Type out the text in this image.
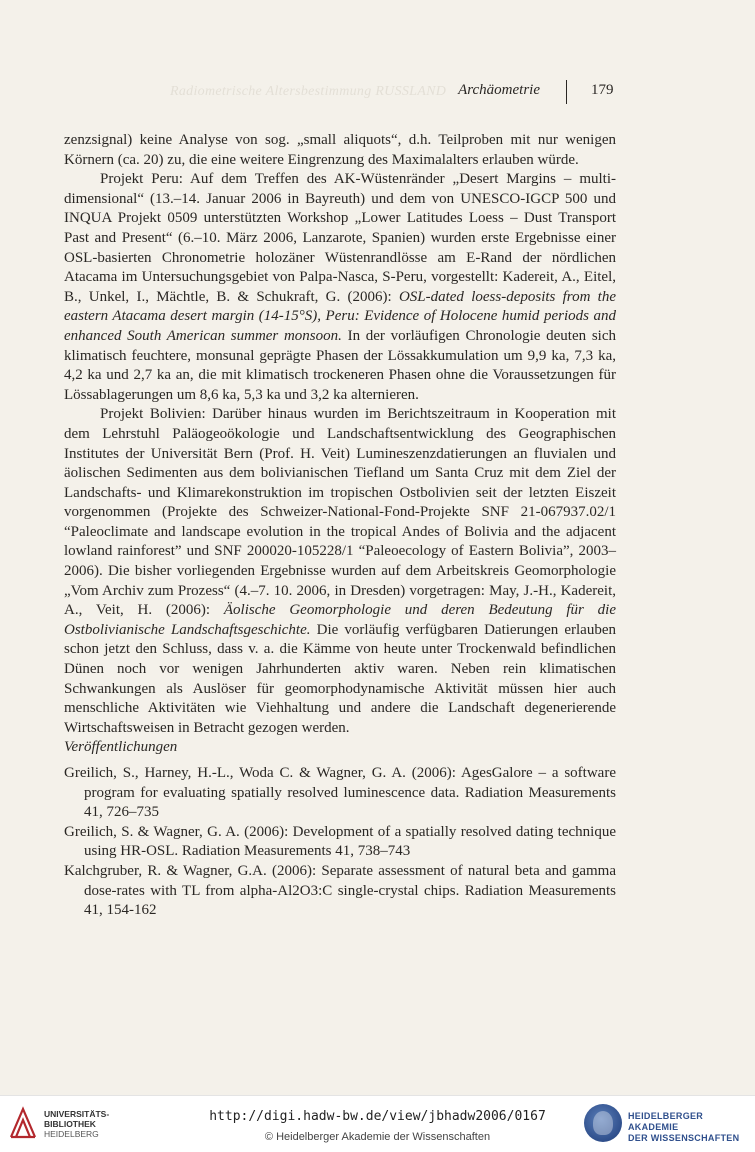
Radiometrische Altersbestimmung RUSSLAND Archäometrie	179

zenzsignal) keine Analyse von sog. „small aliquots“, d.h. Teilproben mit nur wenigen Körnern (ca. 20) zu, die eine weitere Eingrenzung des Maximalalters erlauben würde.

Projekt Peru: Auf dem Treffen des AK-Wüstenränder „Desert Margins – multi-dimensional“ (13.–14. Januar 2006 in Bayreuth) und dem von UNESCO-IGCP 500 und INQUA Projekt 0509 unterstützten Workshop „Lower Latitudes Loess – Dust Transport Past and Present“ (6.–10. März 2006, Lanzarote, Spanien) wurden erste Ergebnisse einer OSL-basierten Chronometrie holozäner Wüstenrandlösse am E-Rand der nördlichen Atacama im Untersuchungsgebiet von Palpa-Nasca, S-Peru, vorgestellt: Kadereit, A., Eitel, B., Unkel, I., Mächtle, B. & Schukraft, G. (2006): OSL-dated loess-deposits from the eastern Atacama desert margin (14-15°S), Peru: Evidence of Holocene humid periods and enhanced South American summer monsoon. In der vorläufigen Chronologie deuten sich klimatisch feuchtere, monsunal geprägte Phasen der Lössakkumulation um 9,9 ka, 7,3 ka, 4,2 ka und 2,7 ka an, die mit klimatisch trockeneren Phasen ohne die Voraussetzungen für Lössablagerungen um 8,6 ka, 5,3 ka und 3,2 ka alternieren.

Projekt Bolivien: Darüber hinaus wurden im Berichtszeitraum in Kooperation mit dem Lehrstuhl Paläogeoökologie und Landschaftsentwicklung des Geographischen Institutes der Universität Bern (Prof. H. Veit) Lumineszenzdatierungen an fluvialen und äolischen Sedimenten aus dem bolivianischen Tiefland um Santa Cruz mit dem Ziel der Landschafts- und Klimarekonstruktion im tropischen Ostbolivien seit der letzten Eiszeit vorgenommen (Projekte des Schweizer-National-Fond-Projekte SNF 21-067937.02/1 “Paleoclimate and landscape evolution in the tropical Andes of Bolivia and the adjacent lowland rainforest” und SNF 200020-105228/1 “Paleoecology of Eastern Bolivia”, 2003–2006). Die bisher vorliegenden Ergebnisse wurden auf dem Arbeitskreis Geomorphologie „Vom Archiv zum Prozess“ (4.–7. 10. 2006, in Dresden) vorgetragen: May, J.-H., Kadereit, A., Veit, H. (2006): Äolische Geomorphologie und deren Bedeutung für die Ostbolivianische Landschaftsgeschichte. Die vorläufig verfügbaren Datierungen erlauben schon jetzt den Schluss, dass v. a. die Kämme von heute unter Trockenwald befindlichen Dünen noch vor wenigen Jahrhunderten aktiv waren. Neben rein klimatischen Schwankungen als Auslöser für geomorphodynamische Aktivität müssen hier auch menschliche Aktivitäten wie Viehhaltung und andere die Landschaft degenerierende Wirtschaftsweisen in Betracht gezogen werden.

Veröffentlichungen

Greilich, S., Harney, H.-L., Woda C. & Wagner, G. A. (2006): AgesGalore – a software program for evaluating spatially resolved luminescence data. Radiation Measurements 41, 726–735

Greilich, S. & Wagner, G. A. (2006): Development of a spatially resolved dating technique using HR-OSL. Radiation Measurements 41, 738–743

Kalchgruber, R. & Wagner, G.A. (2006): Separate assessment of natural beta and gamma dose-rates with TL from alpha-Al2O3:C single-crystal chips. Radiation Measurements 41, 154-162

UNIVERSITÄTS-
BIBLIOTHEK
HEIDELBERG
http://digi.hadw-bw.de/view/jbhadw2006/0167
© Heidelberger Akademie der Wissenschaften
HEIDELBERGER AKADEMIE
DER WISSENSCHAFTEN
